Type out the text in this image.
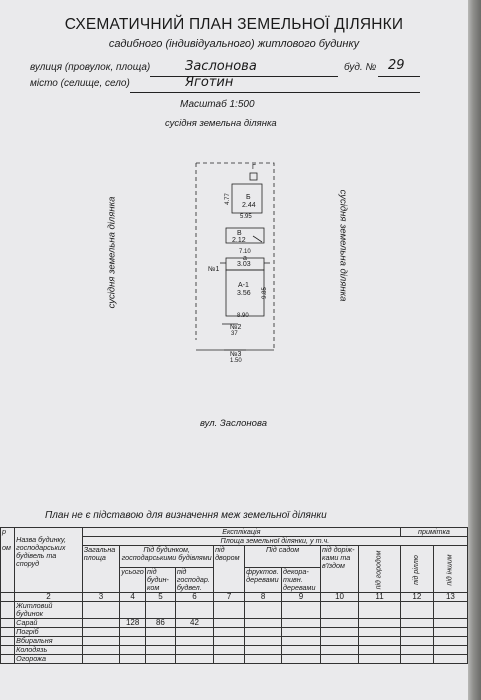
СХЕМАТИЧНИЙ ПЛАН ЗЕМЕЛЬНОЇ ДІЛЯНКИ
садибного (індивідуального) житлового будинку
вулиця (провулок, площа)	Заслонова	буд. № 29
місто (селище, село)	Яготин
Масштаб 1:500
сусідня земельна ділянка
сусідня земельна ділянка	сусідня земельна ділянка
Г
Б
2.44
4.77
5.95
В
2.12
7.10
а
3.03
А-1
3.56 9.85
8.90
№1
№2
37
№3
1.50
вул. Заслонова
План не є підставою для визначення меж земельної ділянки
р

ом	Назва будинку, господарських будівель та споруд	Експлікація									примітка	
		Площа земельної ділянки, у т.ч.										
		Загальна площа	Під будинком, господарськими будівлями			під двором	Під садом		під доріж-ками та в'їздом	під городом	під ріллю	під іншим
			усього	під будин-ком	під господар. будвел.		фруктов. деревами	декора-тивн. деревами				
	2	3	4	5	6	7	8	9	10	11	12	13
	Житловий будинок											
	Сарай		128	86	42							
	Погріб											
	Вбиральня											
	Колодязь											
	Огорожа											
